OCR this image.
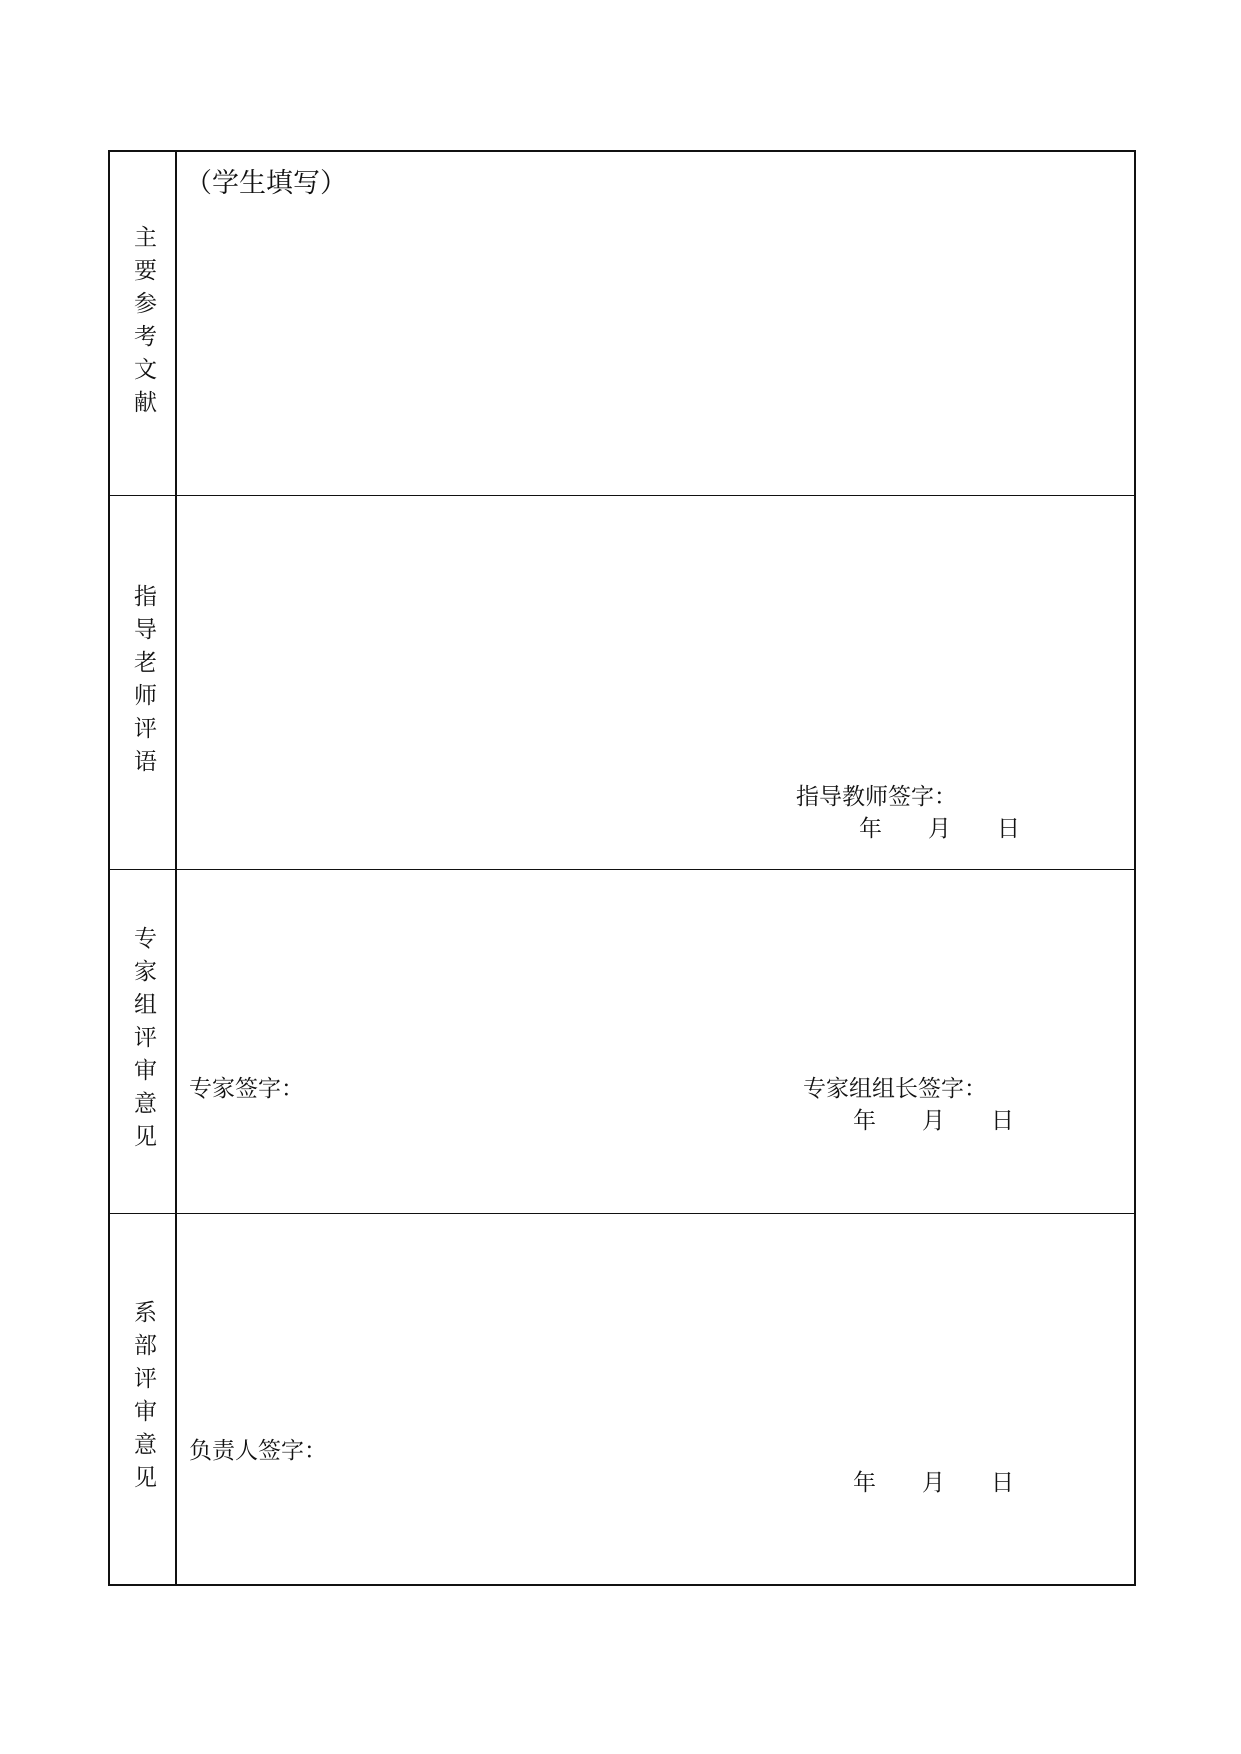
主要参考文献
（学生填写）
指导老师评语
指导教师签字：
年　　月　　日
专家组评审意见 专家签字：	专家组组长签字：
年　　月　　日
系部评审意见 负责人签字：
年　　月　　日
